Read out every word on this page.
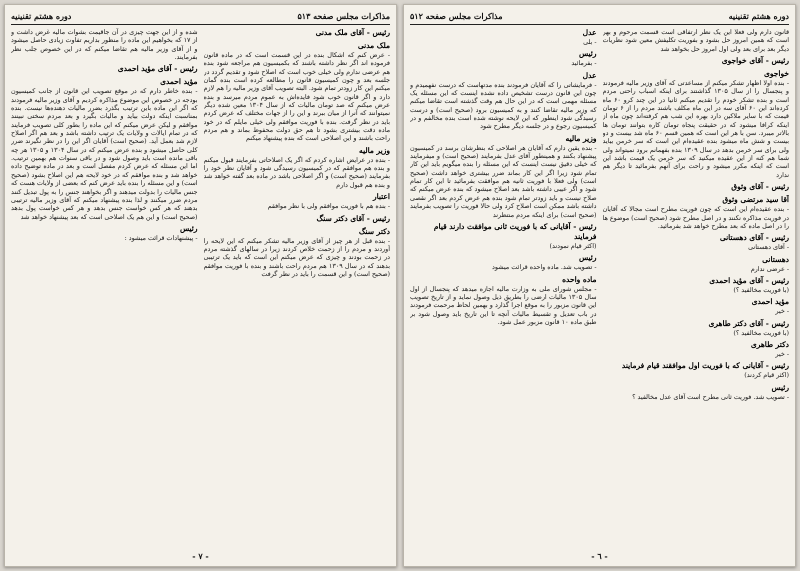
مذاکرات مجلس صفحه ۵۱۳
دوره هشتم تقنینیه
رئیس - آقای ملک مدنی
ملک مدنی
- عرض کنم که اشکال بنده در این قسمت است که در ماده قانون فرموده اند اگر نظر داشته باشند که بکمیسیون هم مراجعه شود بنده هم عرضی ندارم ولی خیلی خوب است که اصلاح شود و تقدیم گردد در جلسه بعد و چون کمیسیون قانون را مطالعه کرده است بنده گمان میکنم این کار زودتر تمام شود. البته تصویب آقای وزیر مالیه را هم لازم دارد و اگر قانون خوب شود فایده‌اش به عموم مردم میرسد و بنده عرض میکنم که صد تومان مالیات که از سال ۱۳۰۴ معین شده دیگر نمیتوانند که آنرا از میان ببرند و این را از جهات مختلف که عرض کردم باید در نظر گرفت. بنده با فوریت موافقم ولی خیلی مایلم که در خود ماده دقت بیشتری بشود تا هم حق دولت محفوظ بماند و هم مردم راحت باشند و این اصلاحی است که بنده پیشنهاد میکنم
وزیر مالیه
- بنده در عرایض اشاره کردم که اگر یک اصلاحاتی بفرمایند قبول میکنم و بنده هم موافقم که در کمیسیون رسیدگی شود و آقایان نظر خود را بفرمایند (صحیح است) و اگر اصلاحی باشد در ماده بعد گفته خواهد شد و بنده هم قبول دارم
اعتبار
- بنده هم با فوریت موافقم ولی با نظر موافقم
رئیس - آقای دکتر سنگ
دکتر سنگ
- بنده قبل از هر چیز از آقای وزیر مالیه تشکر میکنم که این لایحه را آوردند و مردم را از زحمت خلاص کردند زیرا در سالهای گذشته مردم در زحمت بودند و چیزی که عرض میکنم این است که باید یک ترتیبی بدهند که در سال ۱۳۰۹ هم مردم راحت باشند و بنده با فوریت موافقم (صحیح است) و این قسمت را باید در نظر گرفت
شده و از این جهت چیزی در آن جاقیمت بشوات مالیه غرض داشت و از ۱۷ که بخواهیم این ماده را منظور بداریم تفاوت زیادی حاصل میشود و از آقای وزیر مالیه هم تقاضا میکنم که در این خصوص جلب نظر بفرمایند.
رئیس - آقای مؤید احمدی
مؤید احمدی
- بنده خاطر دارم که در موقع تصویب این قانون از جانب کمیسیون بودجه در خصوص این موضوع مذاکره کردیم و آقای وزیر مالیه فرمودند که اگر این ماده باین ترتیب بگذرد بضرر مالیات دهنده‌ها نیست. بنده بمناسبت اینکه دولت بیاید و مالیات بگیرد و بعد مردم سختی نبینند موافقم و لیکن عرض میکنم که این ماده را بطور کلی تصویب فرمایند که در تمام ایالات و ولایات یک ترتیب داشته باشد و بعد هم اگر اصلاح لازم شد بعمل آید. (صحیح است) آقایان اگر این را در نظر نگیرند ضرر کلی حاصل میشود و بنده عرض میکنم که در سال ۱۳۰۴ و ۱۳۰۵ هر چه باقی مانده است باید وصول شود و در باقی سنوات هم بهمین ترتیب. اما این مسئله که عرض کردم مفصل است و بعد در ماده توضیح داده خواهد شد و بنده موافقم که در خود لایحه هم این اصلاح بشود (صحیح است) و این مسئله را بنده باید عرض کنم که بعضی از ولایات هست که جنس مالیات را بدولت میدهند و اگر بخواهند جنس را به پول تبدیل کنند مردم ضرر میکنند و لذا بنده پیشنهاد میکنم که آقای وزیر مالیه ترتیبی بدهند که هر کس خواست جنس بدهد و هر کس خواست پول بدهد (صحیح است) و این هم یک اصلاحی است که بعد پیشنهاد خواهد شد
رئیس
- پیشنهادات قرائت میشود :
- ۷ -
دوره هشتم تقنینیه
مذاکرات مجلس صفحه ۵۱۲
قانون دارم ولی فعلا این یک نظر ارتفاقی است قسمت مرحوم و بهر است که همین امروز حل بشود و بفوریت تکلیفش معین شود نظریات دیگر بعد برای بعد ولی اول امروز حل بخواهد شد
رئیس - آقای خواجوی
خواجوی
- بنده اولا اظهار تشکر میکنم از مساعدتی که آقای وزیر مالیه فرمودند و پنجسال را از سال ۱۳۰۵ گذاشتند برای اینکه اسباب راحتی مردم است و بنده تشکر خودم را تقدیم میکنم ثانیا در این چند کرو ۶۰ ماه کرده‌اند این ۶۰ آقای سه در این ماه مکلف باشند مردم را از ۶ تومان قیمت که با سایر ملاکین دارد بهره این شب هم کرفته‌اند چون ماه از اینکه کرافا میشود که در حقیقت پنجاه تومان کاره بتوانند تومان ها بالاتر میبرد. سن با هر این است که همین قسم ۶۰ ماه شد بیست و دو بیست و شش ماه میشود بنده عقیده‌ام این است که سر خرمن بیاید ولی برای سر خرمن بدهد در سال ۱۳۰۹ بنده بفهمانم برود نمیتواند ولی شما هم کنه از این عقیده میکنید که سر خرمن یک قیمت باشد این است که اینکه مکرر میشود و راحت برای آنهم بفرمائید تا دیگر هم ندارد
رئیس - آقای وثوق
آقا سید مرتضی وثوق
- بنده عقیده‌ام این است که چون فوریت مطرح است مجالا که آقایان در فوریت مذاکره نکنند و در اصل مطرح شود (صحیح است) موضوع ها را در اصل ماده که بعد مطرح خواهد شد بفرمائید.
رئیس - آقای دهستانی
- آقای دهستانی
دهستانی
- عرضی ندارم
رئیس - آقای مؤید احمدی
(با فوریت مخالفید ؟)
مؤید احمدی
- خیر
رئیس - آقای دکتر طاهری
(با فوریت مخالفید ؟)
دکتر طاهری
- خیر
رئیس - آقایانی که با فوریت اول موافقند قیام فرمایند
(اکثر قیام کردند)
رئیس
- تصویب شد. فوریت ثانی مطرح است آقای عدل مخالفید ؟
عدل
- بلی
رئیس
- بفرمائید
عدل
- فرمایشاتی را که آقایان فرمودند بنده مدتهاست که درست نفهمیدم و چون این قانون درست تشخیص داده نشده اینست که این مسئله یک مسئله مهمی است که در این حال هم وقت گذشته است تقاضا میکنم که وزیر مالیه تقاضا کنند و به کمیسیون برود (صحیح است) و درست رسیدگی شود اینطور که این لایحه نوشته شده است بنده مخالفم و در کمیسیون رجوع و در جلسه دیگر مطرح شود
وزیر مالیه
- بنده یقین دارم که آقایان هر اصلاحی که بنظرشان برسد در کمیسیون پیشنهاد بکنند و همینطور آقای عدل بفرمایند (صحیح است) و میفرمایند که خیلی دقیق نیست اینست که این مسئله را بنده میگویم باید این کار تمام شود زیرا اگر این کار بماند ضرر بیشتری خواهد داشت (صحیح است) ولی فعلا با فوریت ثانیه هم موافقت بفرمائید تا این کار تمام شود و اگر عیبی داشته باشد بعد اصلاح میشود که بنده عرض میکنم که صلاح نیست و باید زودتر تمام شود بنده هم عرض کردم بعد اگر نقصی داشته باشد ممکن است اصلاح کرد ولی حالا فوریت را تصویب بفرمایند (صحیح است) برای اینکه مردم منتظرند
رئیس - آقایانی که با فوریت ثانی موافقت دارند قیام فرمایند
(اکثر قیام نمودند)
رئیس
- تصویب شد. ماده واحده قرائت میشود
ماده واحده
- مجلس شورای ملی به وزارت مالیه اجازه میدهد که پنجسال از اول سال ۱۳۰۵ مالیات ارضی را بطریق ذیل وصول نماید و از تاریخ تصویب این قانون مزبور را به موقع اجرا گذارد و بهمین لحاظ مرحمت فرمودند در باب تعدیل و تقسیط مالیات آنچه تا این تاریخ باید وصول شود بر طبق ماده ۱۰ قانون مزبور عمل شود.
- ٦ -
